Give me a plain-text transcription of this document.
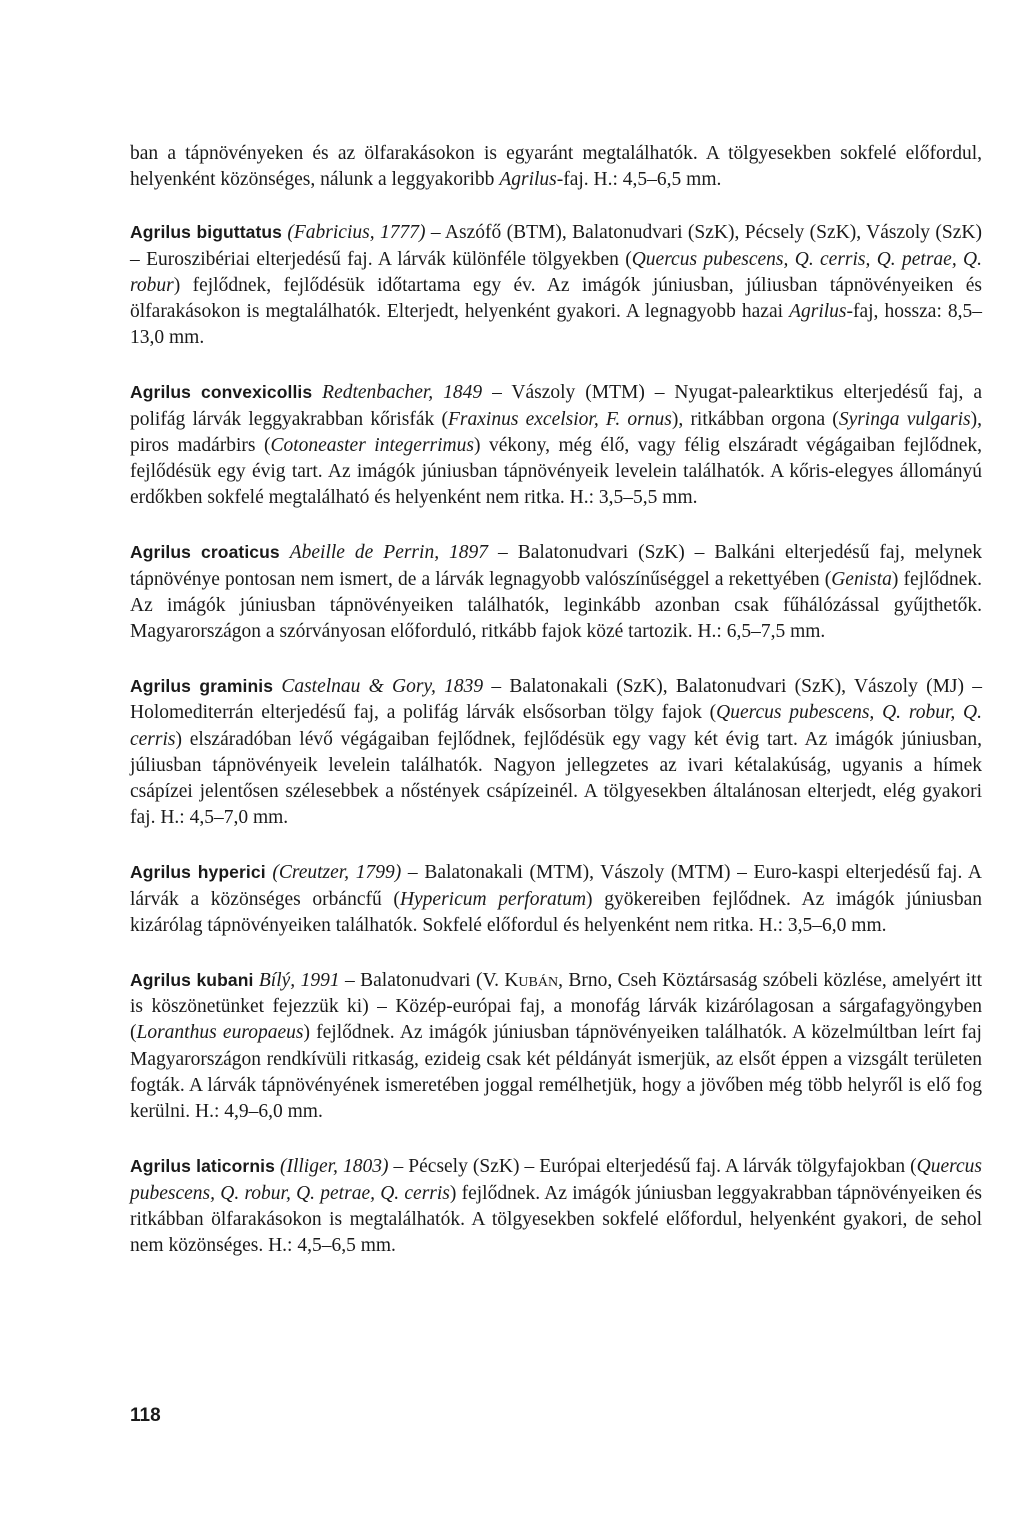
ban a tápnövényeken és az ölfarakásokon is egyaránt megtalálhatók. A tölgyesekben sokfelé előfordul, helyenként közönséges, nálunk a leggyakoribb Agrilus-faj. H.: 4,5–6,5 mm.

Agrilus biguttatus (Fabricius, 1777) – Aszófő (BTM), Balatonudvari (SzK), Pécsely (SzK), Vászoly (SzK) – Euroszibériai elterjedésű faj. A lárvák különféle tölgyekben (Quercus pubescens, Q. cerris, Q. petrae, Q. robur) fejlődnek, fejlődésük időtartama egy év. Az imágók júniusban, júliusban tápnövényeiken és ölfarakásokon is megtalálhatók. Elterjedt, helyenként gyakori. A legnagyobb hazai Agrilus-faj, hossza: 8,5–13,0 mm.

Agrilus convexicollis Redtenbacher, 1849 – Vászoly (MTM) – Nyugat-palearktikus elterjedésű faj, a polifág lárvák leggyakrabban kőrisfák (Fraxinus excelsior, F. ornus), ritkábban orgona (Syringa vulgaris), piros madárbirs (Cotoneaster integerrimus) vékony, még élő, vagy félig elszáradt végágaiban fejlődnek, fejlődésük egy évig tart. Az imágók júniusban tápnövényeik levelein találhatók. A kőris-elegyes állományú erdőkben sokfelé megtalálható és helyenként nem ritka. H.: 3,5–5,5 mm.

Agrilus croaticus Abeille de Perrin, 1897 – Balatonudvari (SzK) – Balkáni elterjedésű faj, melynek tápnövénye pontosan nem ismert, de a lárvák legnagyobb valószínűséggel a rekettyében (Genista) fejlődnek. Az imágók júniusban tápnövényeiken találhatók, leginkább azonban csak fűhálózással gyűjthetők. Magyarországon a szórványosan előforduló, ritkább fajok közé tartozik. H.: 6,5–7,5 mm.

Agrilus graminis Castelnau & Gory, 1839 – Balatonakali (SzK), Balatonudvari (SzK), Vászoly (MJ) – Holomediterrán elterjedésű faj, a polifág lárvák elsősorban tölgy fajok (Quercus pubescens, Q. robur, Q. cerris) elszáradóban lévő végágaiban fejlődnek, fejlődésük egy vagy két évig tart. Az imágók júniusban, júliusban tápnövényeik levelein találhatók. Nagyon jellegzetes az ivari kétalakúság, ugyanis a hímek csápízei jelentősen szélesebbek a nőstények csápízeinél. A tölgyesekben általánosan elterjedt, elég gyakori faj. H.: 4,5–7,0 mm.

Agrilus hyperici (Creutzer, 1799) – Balatonakali (MTM), Vászoly (MTM) – Euro-kaspi elterjedésű faj. A lárvák a közönséges orbáncfű (Hypericum perforatum) gyökereiben fejlődnek. Az imágók júniusban kizárólag tápnövényeiken találhatók. Sokfelé előfordul és helyenként nem ritka. H.: 3,5–6,0 mm.

Agrilus kubani Bílý, 1991 – Balatonudvari (V. Kubán, Brno, Cseh Köztársaság szóbeli közlése, amelyért itt is köszönetünket fejezzük ki) – Közép-európai faj, a monofág lárvák kizárólagosan a sárgafagyöngyben (Loranthus europaeus) fejlődnek. Az imágók júniusban tápnövényeiken találhatók. A közelmúltban leírt faj Magyarországon rendkívüli ritkaság, ezideig csak két példányát ismerjük, az elsőt éppen a vizsgált területen fogták. A lárvák tápnövényének ismeretében joggal remélhetjük, hogy a jövőben még több helyről is elő fog kerülni. H.: 4,9–6,0 mm.

Agrilus laticornis (Illiger, 1803) – Pécsely (SzK) – Európai elterjedésű faj. A lárvák tölgyfajokban (Quercus pubescens, Q. robur, Q. petrae, Q. cerris) fejlődnek. Az imágók júniusban leggyakrabban tápnövényeiken és ritkábban ölfarakásokon is megtalálhatók. A tölgyesekben sokfelé előfordul, helyenként gyakori, de sehol nem közönséges. H.: 4,5–6,5 mm.

118
